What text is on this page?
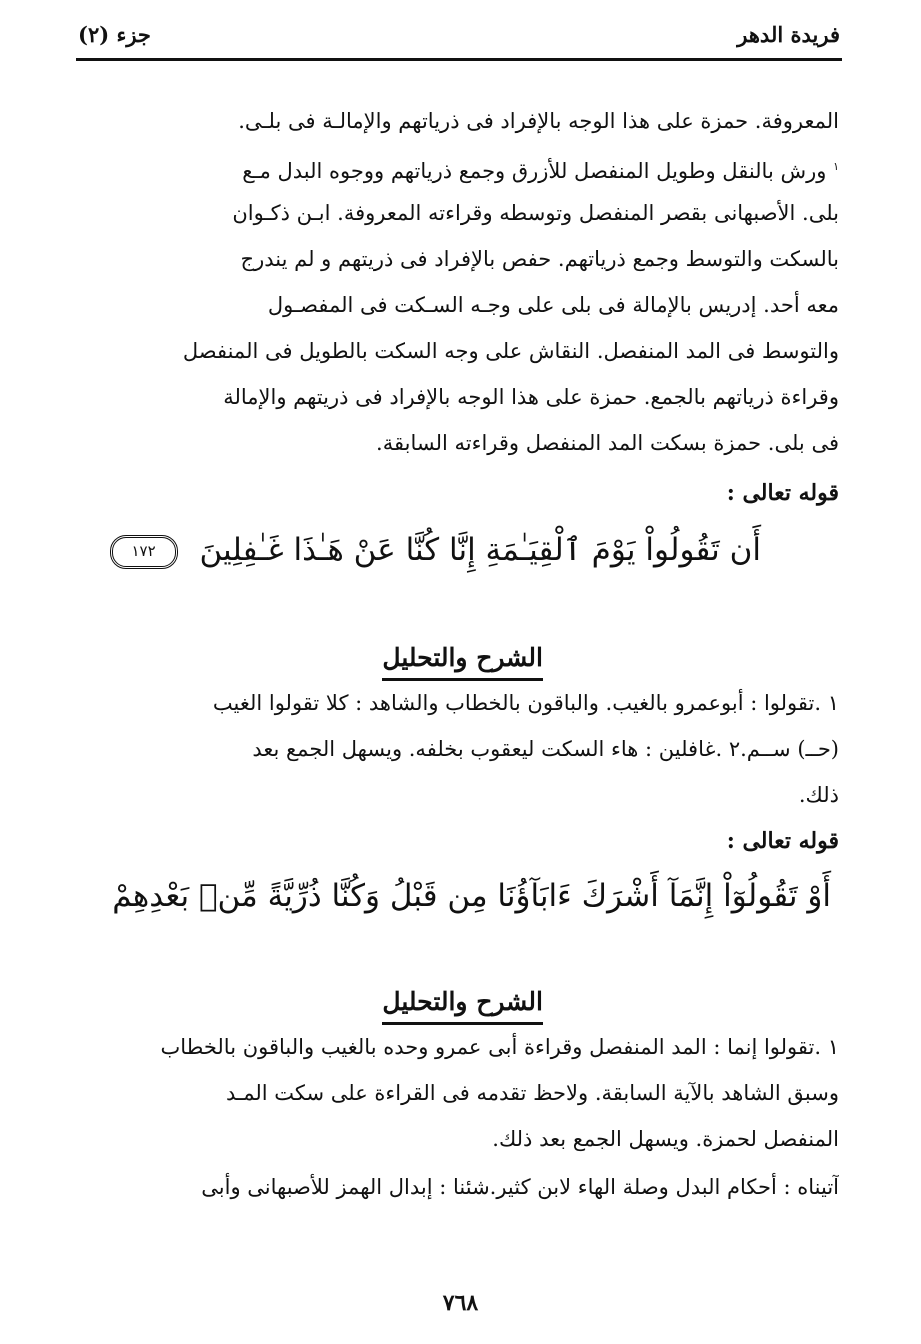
فريدة الدهر
جزء (٢)
المعروفة. حمزة على هذا الوجه بالإفراد فى ذرياتهم والإمالـة فى بلـى.
$^١$ ورش بالنقل وطويل المنفصل للأزرق وجمع ذرياتهم ووجوه البدل مـع
بلى. الأصبهانى بقصر المنفصل وتوسطه وقراءته المعروفة. ابـن ذكـوان
بالسكت والتوسط وجمع ذرياتهم. حفص بالإفراد فى ذريتهم و لم يندرج
معه أحد. إدريس بالإمالة فى بلى على وجـه السـكت فى المفصـول
والتوسط فى المد المنفصل. النقاش على وجه السكت بالطويل فى المنفصل
وقراءة ذرياتهم بالجمع. حمزة على هذا الوجه بالإفراد فى ذريتهم والإمالة
فى بلى. حمزة بسكت المد المنفصل وقراءته السابقة.
قوله تعالى :
أَن تَقُولُواْ يَوْمَ ٱلْقِيَـٰمَةِ إِنَّا كُنَّا عَنْ هَـٰذَا غَـٰفِلِينَ ١٧٢
الشرح والتحليل
١ .تقولوا : أبوعمرو بالغيب. والباقون بالخطاب والشاهد : كلا تقولوا الغيب
(حــ) ســم.٢ .غافلين : هاء السكت ليعقوب بخلفه. ويسهل الجمع بعد
ذلك.
قوله تعالى :
أَوْ تَقُولُوٓاْ إِنَّمَآ أَشْرَكَ ءَابَآؤُنَا مِن قَبْلُ وَكُنَّا ذُرِّيَّةً مِّنۢ بَعْدِهِمْ
الشرح والتحليل
١ .تقولوا إنما : المد المنفصل وقراءة أبى عمرو وحده بالغيب والباقون بالخطاب
وسبق الشاهد بالآية السابقة. ولاحظ تقدمه فى القراءة على سكت المـد
المنفصل لحمزة. ويسهل الجمع بعد ذلك.
آتيناه : أحكام البدل وصلة الهاء لابن كثير.شئنا : إبدال الهمز للأصبهانى وأبى
٧٦٨
